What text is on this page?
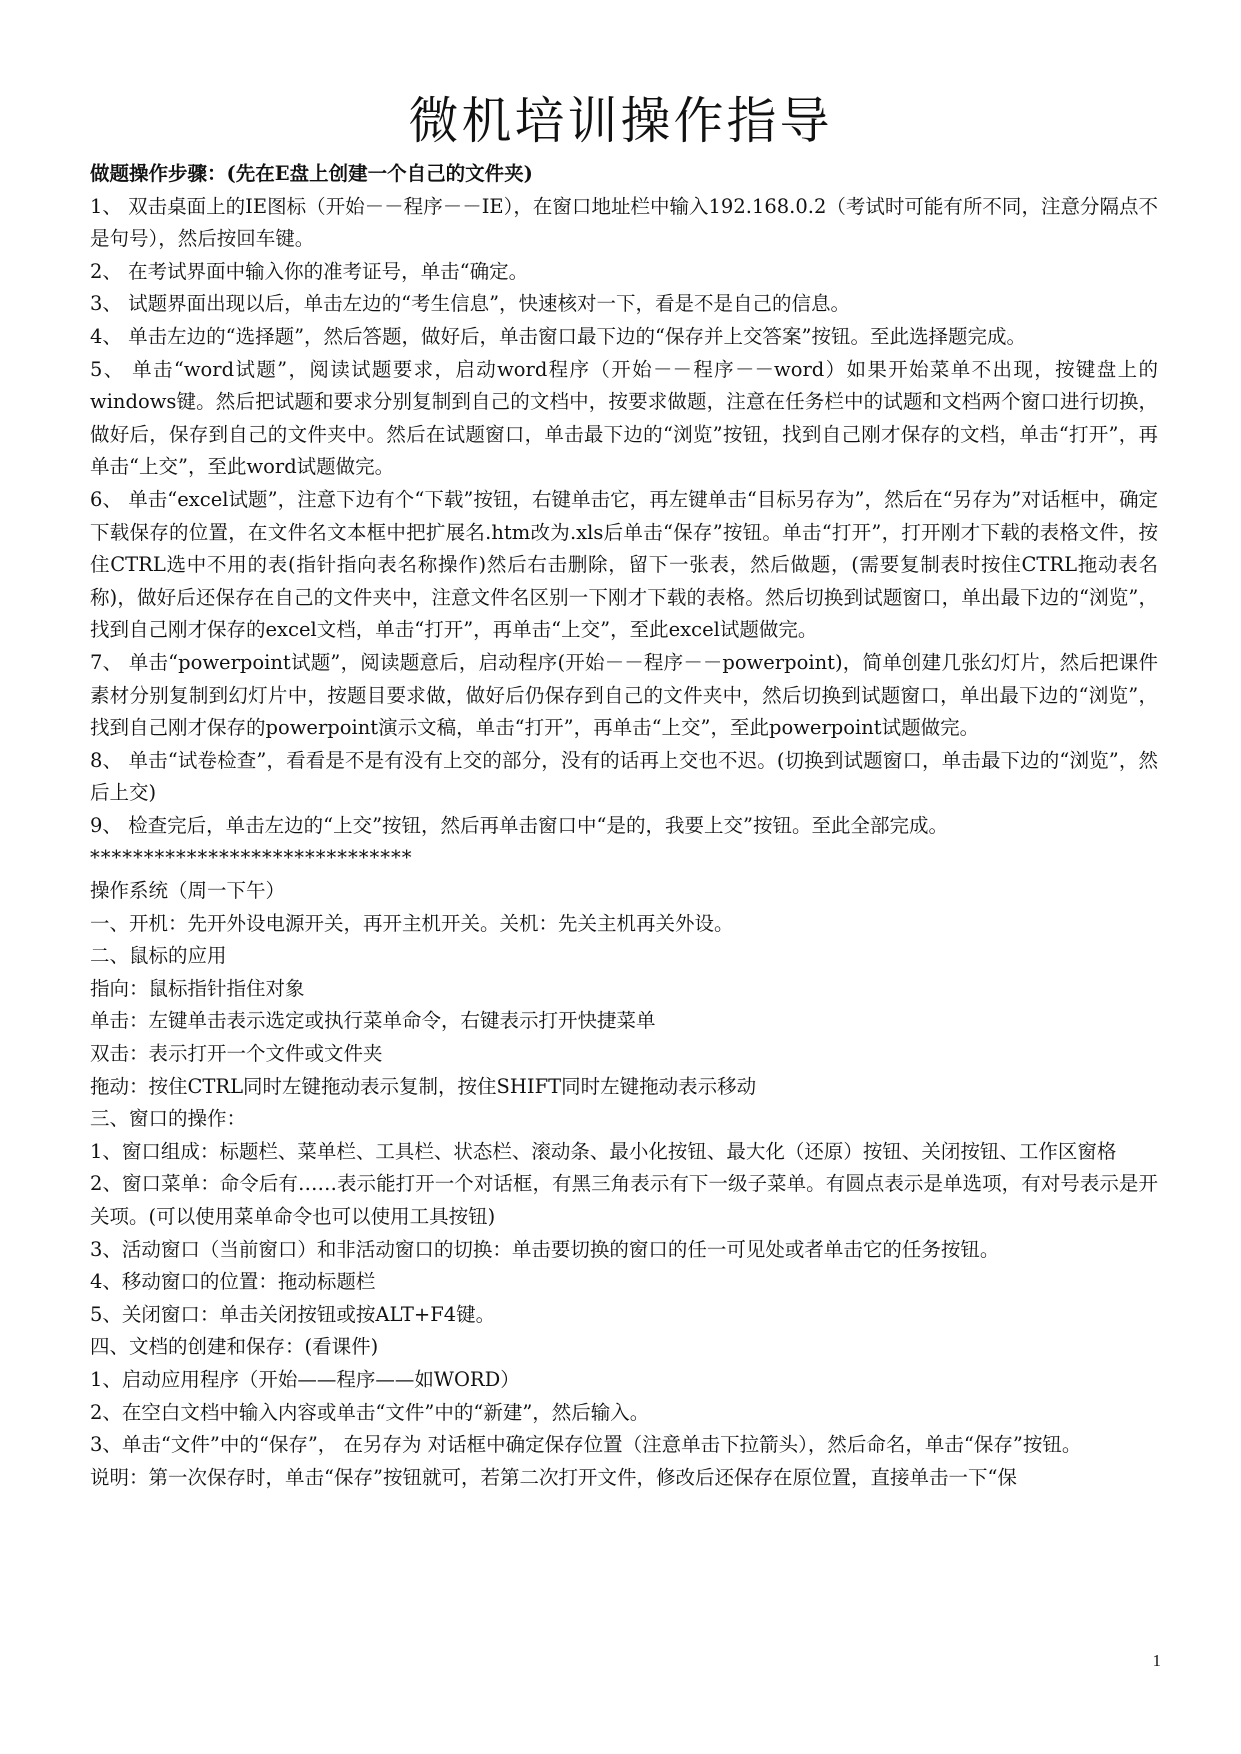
微机培训操作指导

做题操作步骤：(先在E盘上创建一个自己的文件夹)

1、 双击桌面上的IE图标（开始－－程序－－IE），在窗口地址栏中输入192.168.0.2（考试时可能有所不同，注意分隔点不是句号），然后按回车键。

2、 在考试界面中输入你的准考证号，单击“确定。

3、 试题界面出现以后，单击左边的“考生信息”，快速核对一下，看是不是自己的信息。

4、 单击左边的“选择题”，然后答题，做好后，单击窗口最下边的“保存并上交答案”按钮。至此选择题完成。

5、 单击“word试题”，阅读试题要求，启动word程序（开始－－程序－－word）如果开始菜单不出现，按键盘上的windows键。然后把试题和要求分别复制到自己的文档中，按要求做题，注意在任务栏中的试题和文档两个窗口进行切换，做好后，保存到自己的文件夹中。然后在试题窗口，单击最下边的“浏览”按钮，找到自己刚才保存的文档，单击“打开”，再单击“上交”，至此word试题做完。

6、 单击“excel试题”，注意下边有个“下载”按钮，右键单击它，再左键单击“目标另存为”，然后在“另存为”对话框中，确定下载保存的位置，在文件名文本框中把扩展名.htm改为.xls后单击“保存”按钮。单击“打开”，打开刚才下载的表格文件，按住CTRL选中不用的表(指针指向表名称操作)然后右击删除，留下一张表，然后做题，(需要复制表时按住CTRL拖动表名称)，做好后还保存在自己的文件夹中，注意文件名区别一下刚才下载的表格。然后切换到试题窗口，单出最下边的“浏览”， 找到自己刚才保存的excel文档，单击“打开”，再单击“上交”，至此excel试题做完。

7、 单击“powerpoint试题”，阅读题意后，启动程序(开始－－程序－－powerpoint)，简单创建几张幻灯片，然后把课件素材分别复制到幻灯片中，按题目要求做，做好后仍保存到自己的文件夹中，然后切换到试题窗口，单出最下边的“浏览”， 找到自己刚才保存的powerpoint演示文稿，单击“打开”，再单击“上交”，至此powerpoint试题做完。

8、 单击“试卷检查”，看看是不是有没有上交的部分，没有的话再上交也不迟。(切换到试题窗口，单击最下边的“浏览”，然后上交)

9、 检查完后，单击左边的“上交”按钮，然后再单击窗口中“是的，我要上交”按钮。至此全部完成。

******************************

操作系统（周一下午）

一、开机：先开外设电源开关，再开主机开关。关机：先关主机再关外设。

二、鼠标的应用

指向：鼠标指针指住对象

单击：左键单击表示选定或执行菜单命令，右键表示打开快捷菜单

双击：表示打开一个文件或文件夹

拖动：按住CTRL同时左键拖动表示复制，按住SHIFT同时左键拖动表示移动

三、窗口的操作：

1、窗口组成：标题栏、菜单栏、工具栏、状态栏、滚动条、最小化按钮、最大化（还原）按钮、关闭按钮、工作区窗格

2、窗口菜单：命令后有……表示能打开一个对话框，有黑三角表示有下一级子菜单。有圆点表示是单选项，有对号表示是开关项。(可以使用菜单命令也可以使用工具按钮)

3、活动窗口（当前窗口）和非活动窗口的切换：单击要切换的窗口的任一可见处或者单击它的任务按钮。

4、移动窗口的位置：拖动标题栏

5、关闭窗口：单击关闭按钮或按ALT+F4键。

四、文档的创建和保存：(看课件)

1、启动应用程序（开始——程序——如WORD）

2、在空白文档中输入内容或单击“文件”中的“新建”，然后输入。

3、单击“文件”中的“保存”， 在另存为 对话框中确定保存位置（注意单击下拉箭头），然后命名，单击“保存”按钮。

说明：第一次保存时，单击“保存”按钮就可，若第二次打开文件，修改后还保存在原位置，直接单击一下“保

1
